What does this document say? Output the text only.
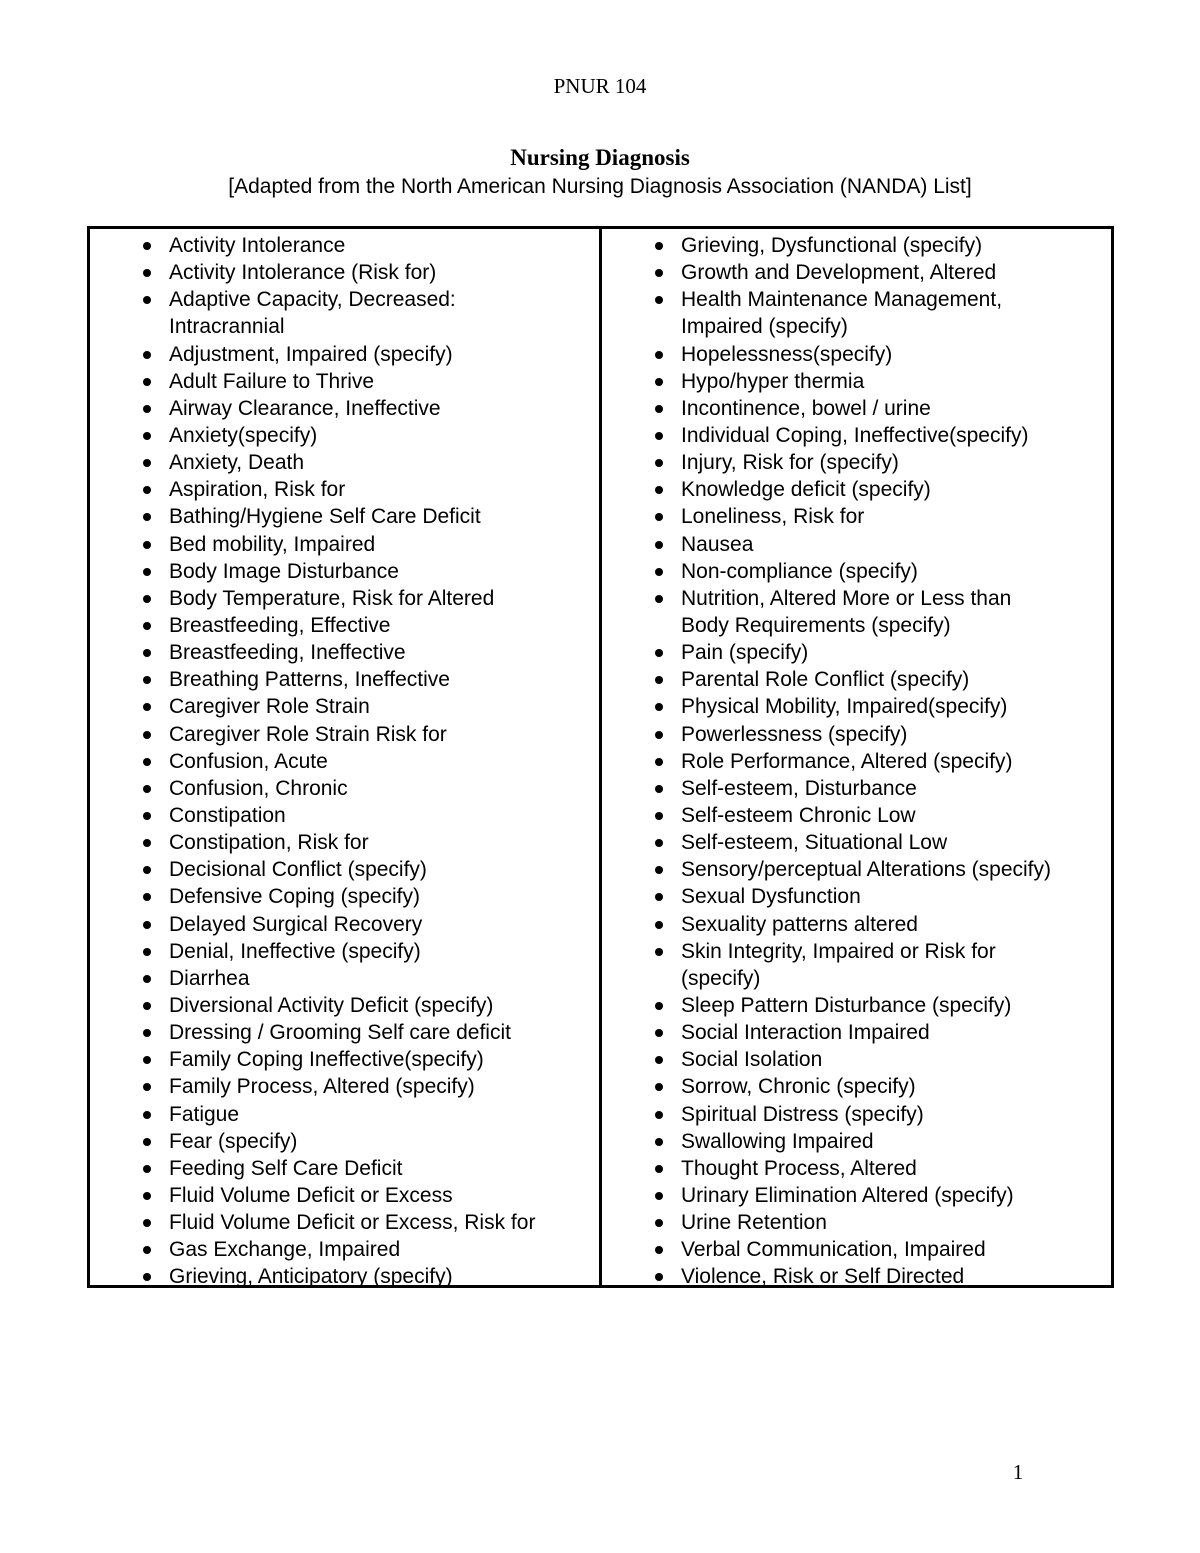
PNUR 104
Nursing Diagnosis
[Adapted from the North American Nursing Diagnosis Association (NANDA) List]
Activity Intolerance
Activity Intolerance (Risk for)
Adaptive Capacity, Decreased:
Intracrannial
Adjustment, Impaired (specify)
Adult Failure to Thrive
Airway Clearance, Ineffective
Anxiety(specify)
Anxiety, Death
Aspiration, Risk for
Bathing/Hygiene Self Care Deficit
Bed mobility, Impaired
Body Image Disturbance
Body Temperature, Risk for Altered
Breastfeeding, Effective
Breastfeeding, Ineffective
Breathing Patterns, Ineffective
Caregiver Role Strain
Caregiver Role Strain Risk for
Confusion, Acute
Confusion, Chronic
Constipation
Constipation, Risk for
Decisional Conflict (specify)
Defensive Coping (specify)
Delayed Surgical Recovery
Denial, Ineffective (specify)
Diarrhea
Diversional Activity Deficit (specify)
Dressing / Grooming Self care deficit
Family Coping Ineffective(specify)
Family Process, Altered (specify)
Fatigue
Fear (specify)
Feeding Self Care Deficit
Fluid Volume Deficit or Excess
Fluid Volume Deficit or Excess, Risk for
Gas Exchange, Impaired
Grieving, Anticipatory (specify)
Grieving, Dysfunctional (specify)
Growth and Development, Altered
Health Maintenance Management,
Impaired (specify)
Hopelessness(specify)
Hypo/hyper thermia
Incontinence, bowel / urine
Individual Coping, Ineffective(specify)
Injury, Risk for (specify)
Knowledge deficit (specify)
Loneliness, Risk for
Nausea
Non-compliance (specify)
Nutrition, Altered More or Less than
Body Requirements (specify)
Pain (specify)
Parental Role Conflict (specify)
Physical Mobility, Impaired(specify)
Powerlessness (specify)
Role Performance, Altered (specify)
Self-esteem, Disturbance
Self-esteem Chronic Low
Self-esteem, Situational Low
Sensory/perceptual Alterations (specify)
Sexual Dysfunction
Sexuality patterns altered
Skin Integrity, Impaired or Risk for
(specify)
Sleep Pattern Disturbance (specify)
Social Interaction Impaired
Social Isolation
Sorrow, Chronic (specify)
Spiritual Distress (specify)
Swallowing Impaired
Thought Process, Altered
Urinary Elimination Altered (specify)
Urine Retention
Verbal Communication, Impaired
Violence, Risk or Self Directed
1
